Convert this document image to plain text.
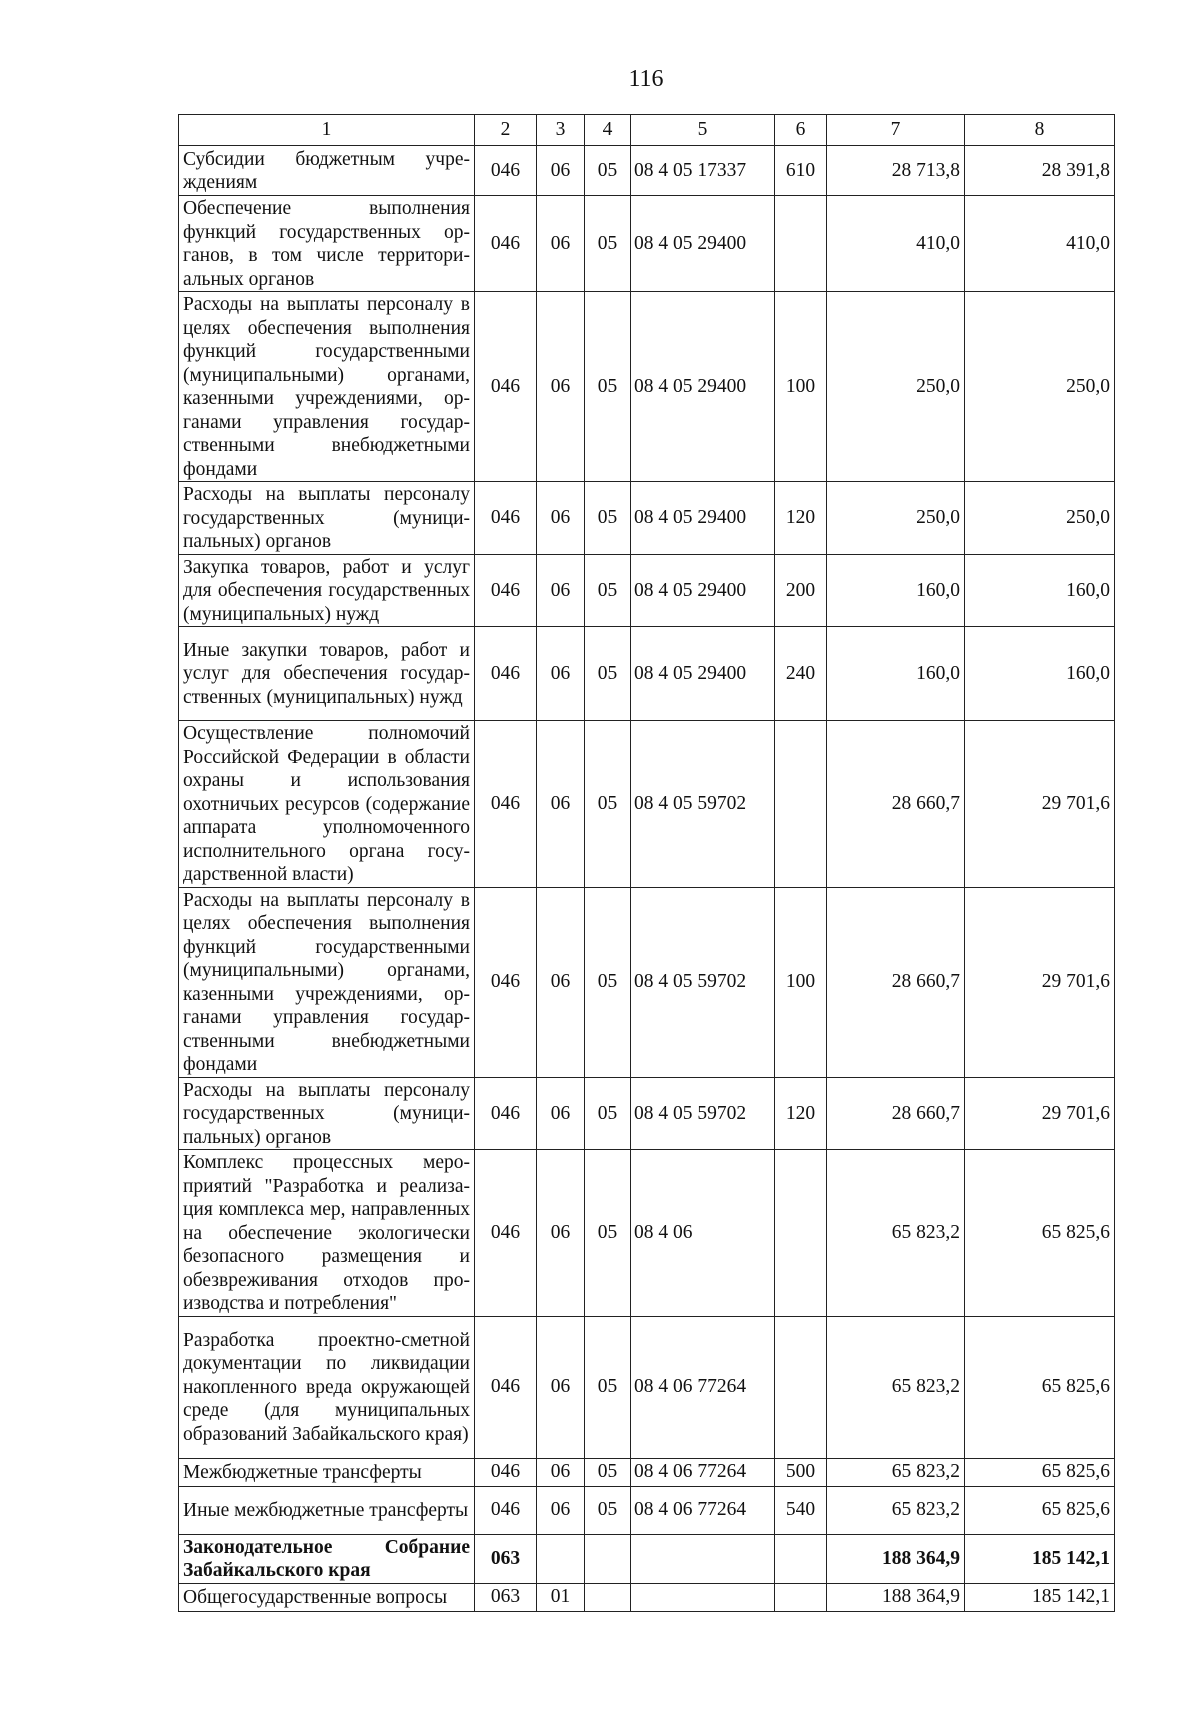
116
1	2	3	4	5	6	7	8
Субсидии бюджетным учреждениям	046	06	05	08 4 05 17337	610	28 713,8	28 391,8
Обеспечение выполнения функций государственных органов, в том числе территориальных органов	046	06	05	08 4 05 29400		410,0	410,0
Расходы на выплаты персоналу в целях обеспечения выполнения функций государственными (муниципальными) органами, казенными учреждениями, органами управления государственными внебюджетными фондами	046	06	05	08 4 05 29400	100	250,0	250,0
Расходы на выплаты персоналу государственных (муниципальных) органов	046	06	05	08 4 05 29400	120	250,0	250,0
Закупка товаров, работ и услуг для обеспечения государственных (муниципальных) нужд	046	06	05	08 4 05 29400	200	160,0	160,0
Иные закупки товаров, работ и услуг для обеспечения государственных (муниципальных) нужд	046	06	05	08 4 05 29400	240	160,0	160,0
Осуществление полномочий Российской Федерации в области охраны и использования охотничьих ресурсов (содержание аппарата уполномоченного исполнительного органа государственной власти)	046	06	05	08 4 05 59702		28 660,7	29 701,6
Расходы на выплаты персоналу в целях обеспечения выполнения функций государственными (муниципальными) органами, казенными учреждениями, органами управления государственными внебюджетными фондами	046	06	05	08 4 05 59702	100	28 660,7	29 701,6
Расходы на выплаты персоналу государственных (муниципальных) органов	046	06	05	08 4 05 59702	120	28 660,7	29 701,6
Комплекс процессных мероприятий "Разработка и реализация комплекса мер, направленных на обеспечение экологически безопасного размещения и обезвреживания отходов производства и потребления"	046	06	05	08 4 06		65 823,2	65 825,6
Разработка проектно-сметной документации по ликвидации накопленного вреда окружающей среде (для муниципальных образований Забайкальского края)	046	06	05	08 4 06 77264		65 823,2	65 825,6
Межбюджетные трансферты	046	06	05	08 4 06 77264	500	65 823,2	65 825,6
Иные межбюджетные трансферты	046	06	05	08 4 06 77264	540	65 823,2	65 825,6
Законодательное Собрание Забайкальского края	063					188 364,9	185 142,1
Общегосударственные вопросы	063	01				188 364,9	185 142,1
